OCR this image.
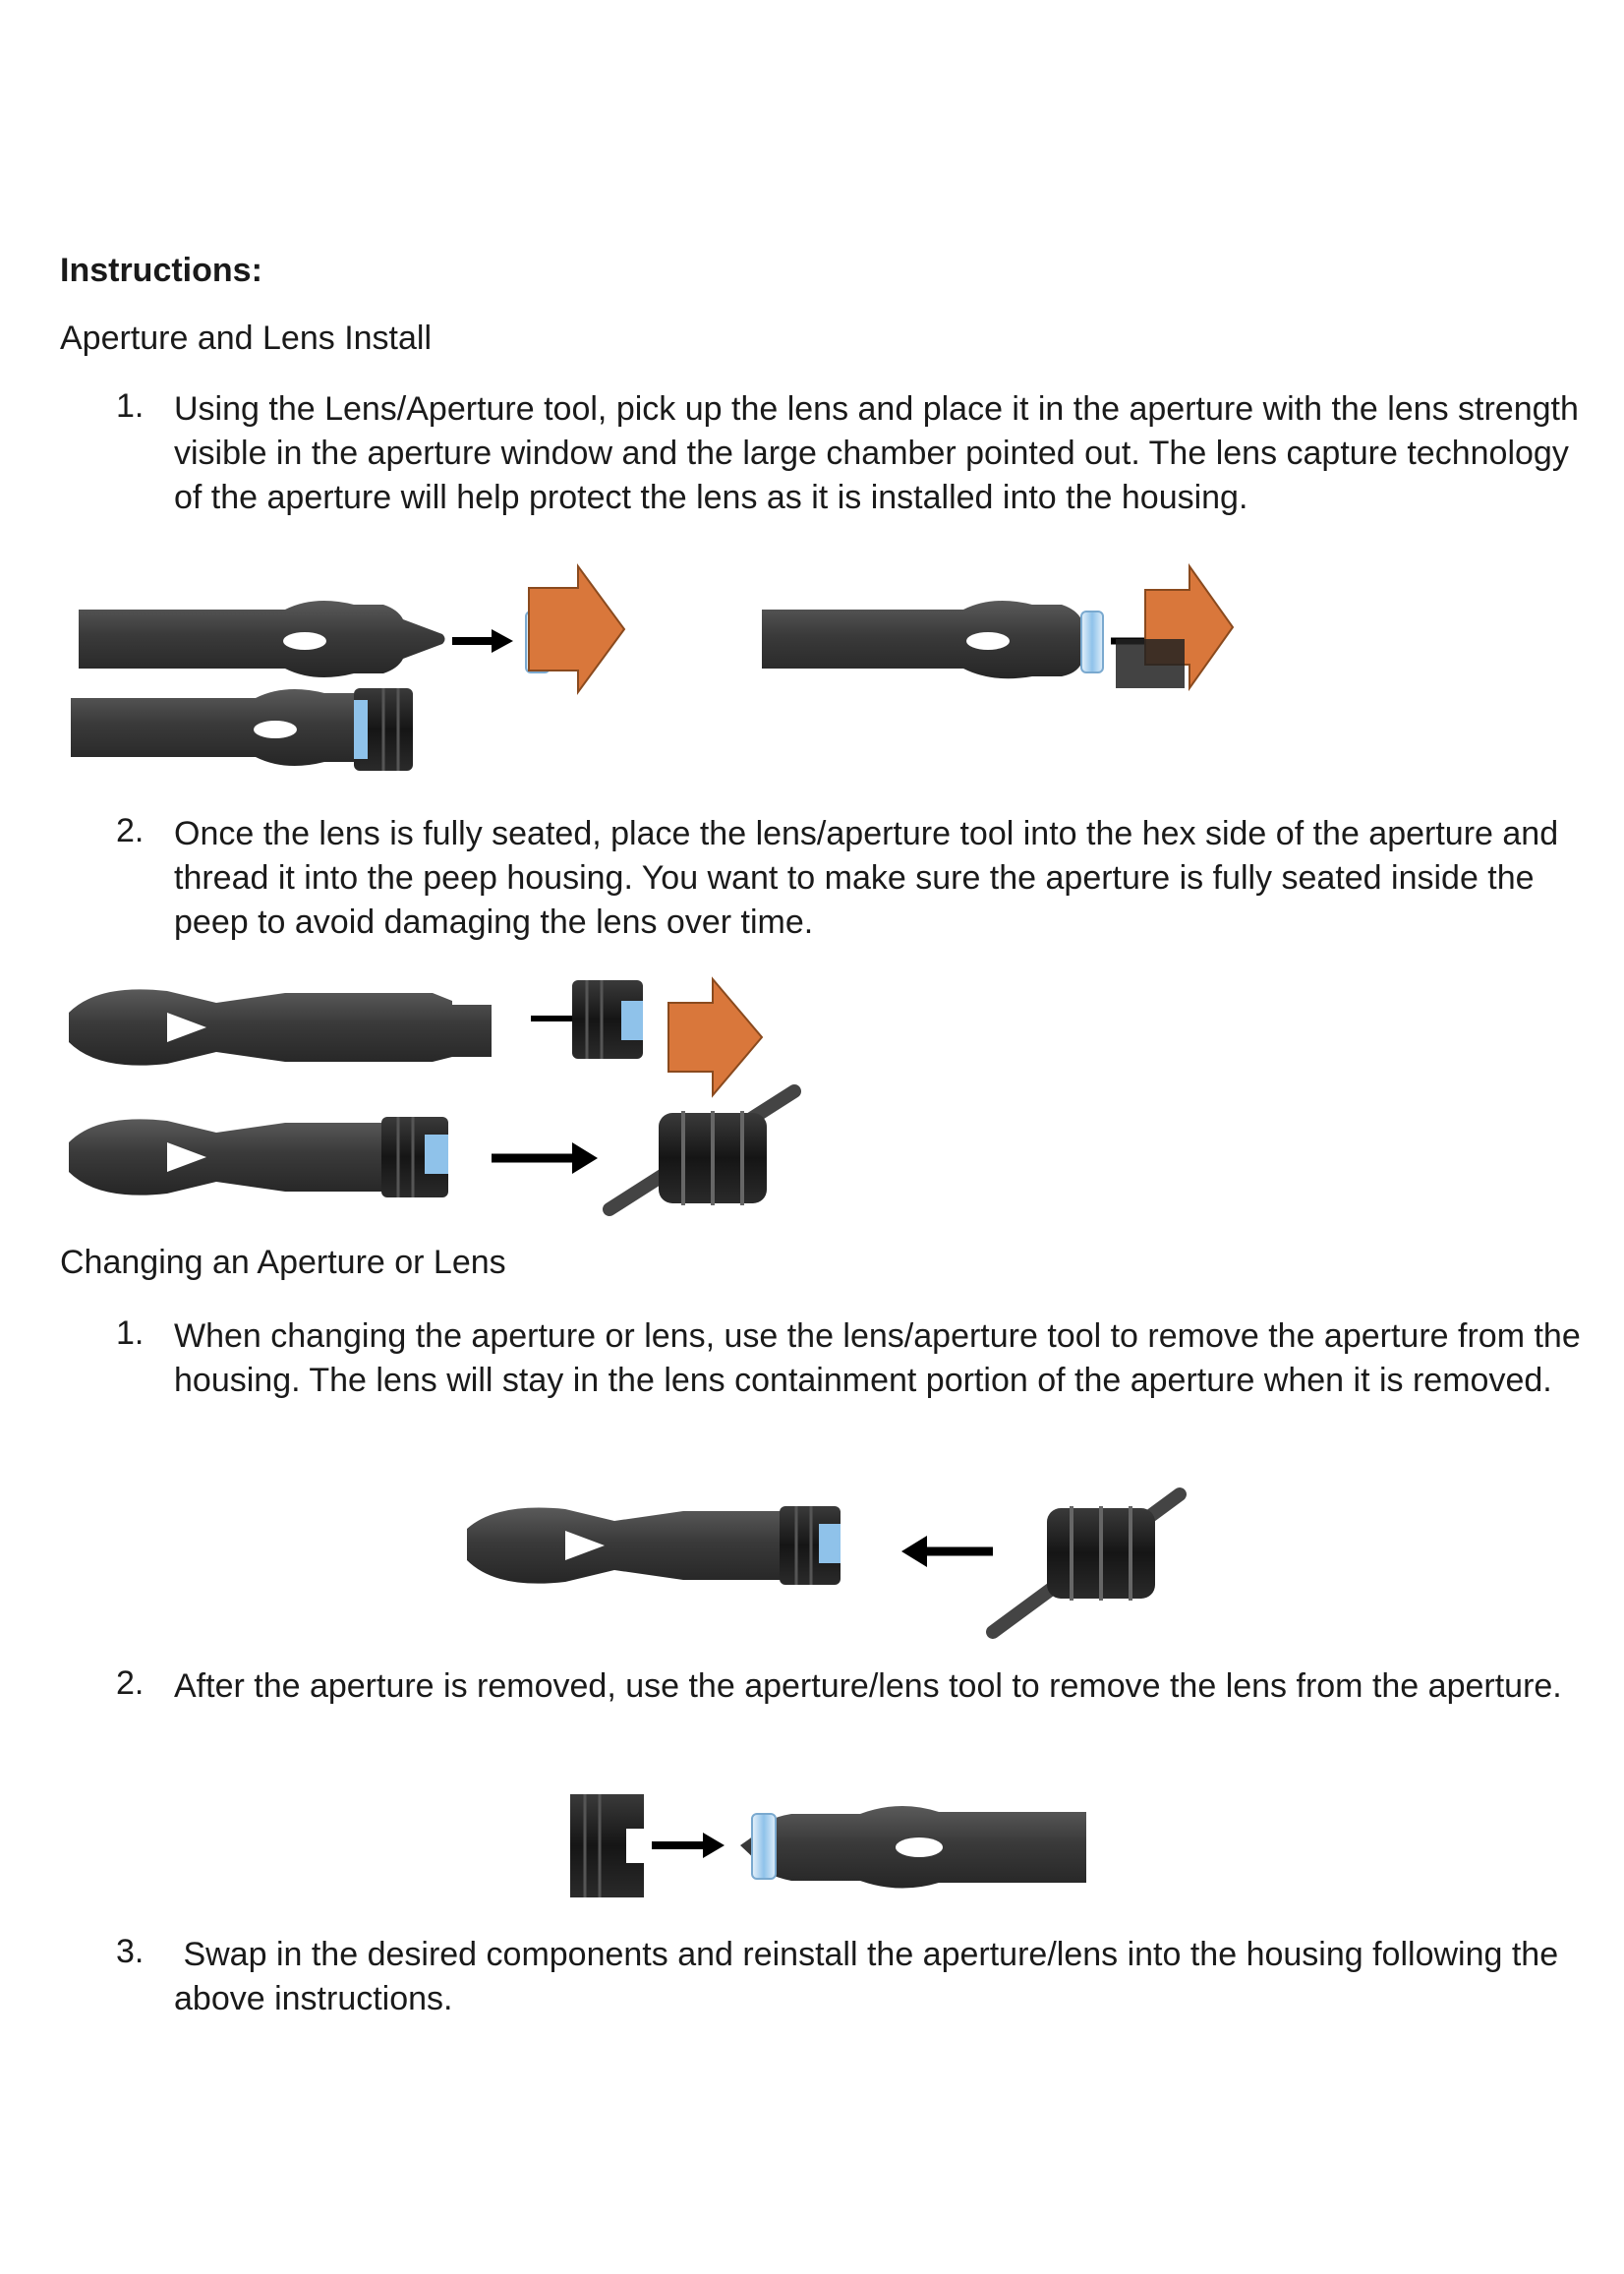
Instructions:
Aperture and Lens Install
1. Using the Lens/Aperture tool, pick up the lens and place it in the aperture with the lens strength visible in the aperture window and the large chamber pointed out. The lens capture technology of the aperture will help protect the lens as it is installed into the housing.
2. Once the lens is fully seated, place the lens/aperture tool into the hex side of the aperture and thread it into the peep housing. You want to make sure the aperture is fully seated inside the peep to avoid damaging the lens over time.
Changing an Aperture or Lens
1. When changing the aperture or lens, use the lens/aperture tool to remove the aperture from the housing. The lens will stay in the lens containment portion of the aperture when it is removed.
2. After the aperture is removed, use the aperture/lens tool to remove the lens from the aperture.
3. Swap in the desired components and reinstall the aperture/lens into the housing following the above instructions.
